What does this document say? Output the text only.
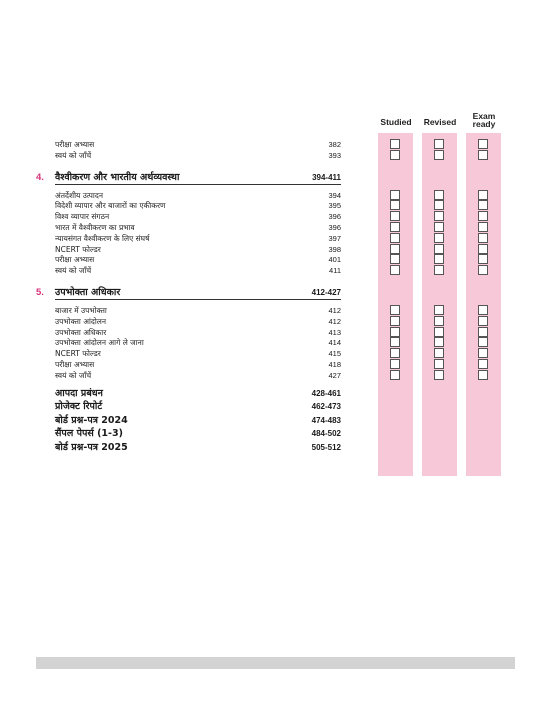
Studied	Revised
Exam
ready
परीक्षा अभ्यास	382
स्वयं को जाँचें	393
4. वैश्वीकरण और भारतीय अर्थव्यवस्था	394-411
अंतर्देशीय उत्पादन	394
विदेशी व्यापार और बाजारों का एकीकरण	395
विश्व व्यापार संगठन	396
भारत में वैश्वीकरण का प्रभाव	396
न्यायसंगत वैश्वीकरण के लिए संघर्ष	397
NCERT फोल्डर	398
परीक्षा अभ्यास	401
स्वयं को जाँचें	411
5. उपभोक्ता अधिकार	412-427
बाजार में उपभोक्ता	412
उपभोक्ता आंदोलन	412
उपभोक्ता अधिकार	413
उपभोक्ता आंदोलन आगे ले जाना	414
NCERT फोल्डर	415
परीक्षा अभ्यास	418
स्वयं को जाँचें	427
आपदा प्रबंधन	428-461
प्रोजेक्ट रिपोर्ट	462-473
बोर्ड प्रश्न-पत्र 2024	474-483
सैंपल पेपर्स (1-3)	484-502
बोर्ड प्रश्न-पत्र 2025	505-512
